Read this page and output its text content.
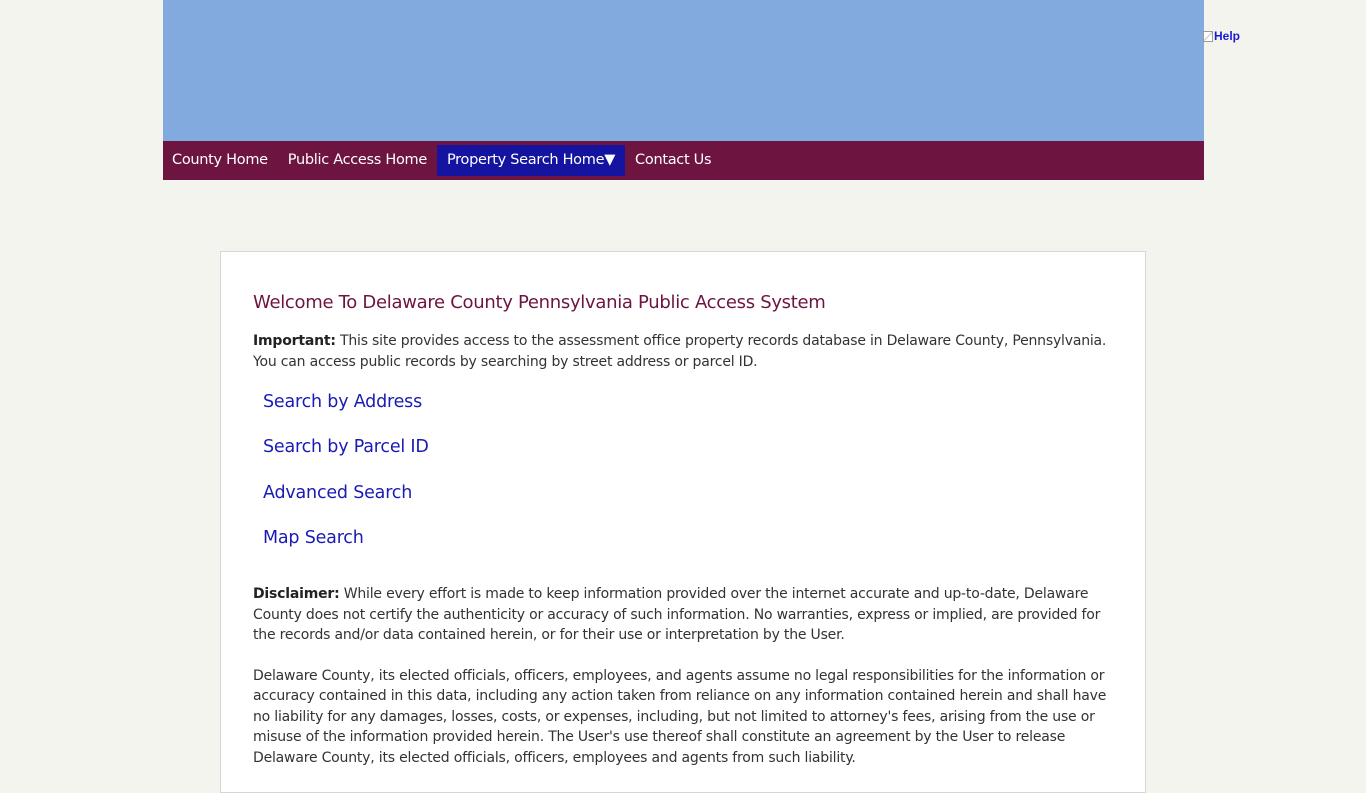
Help
County Home	Public Access Home	Property Search Home▼	Contact Us
Welcome To Delaware County Pennsylvania Public Access System

Important: This site provides access to the assessment office property records database in Delaware County, Pennsylvania.
You can access public records by searching by street address or parcel ID.

Search by Address
Search by Parcel ID
Advanced Search
Map Search

Disclaimer: While every effort is made to keep information provided over the internet accurate and up-to-date, Delaware County does not certify the authenticity or accuracy of such information. No warranties, express or implied, are provided for the records and/or data contained herein, or for their use or interpretation by the User.

Delaware County, its elected officials, officers, employees, and agents assume no legal responsibilities for the information or accuracy contained in this data, including any action taken from reliance on any information contained herein and shall have no liability for any damages, losses, costs, or expenses, including, but not limited to attorney's fees, arising from the use or misuse of the information provided herein. The User's use thereof shall constitute an agreement by the User to release Delaware County, its elected officials, officers, employees and agents from such liability.
